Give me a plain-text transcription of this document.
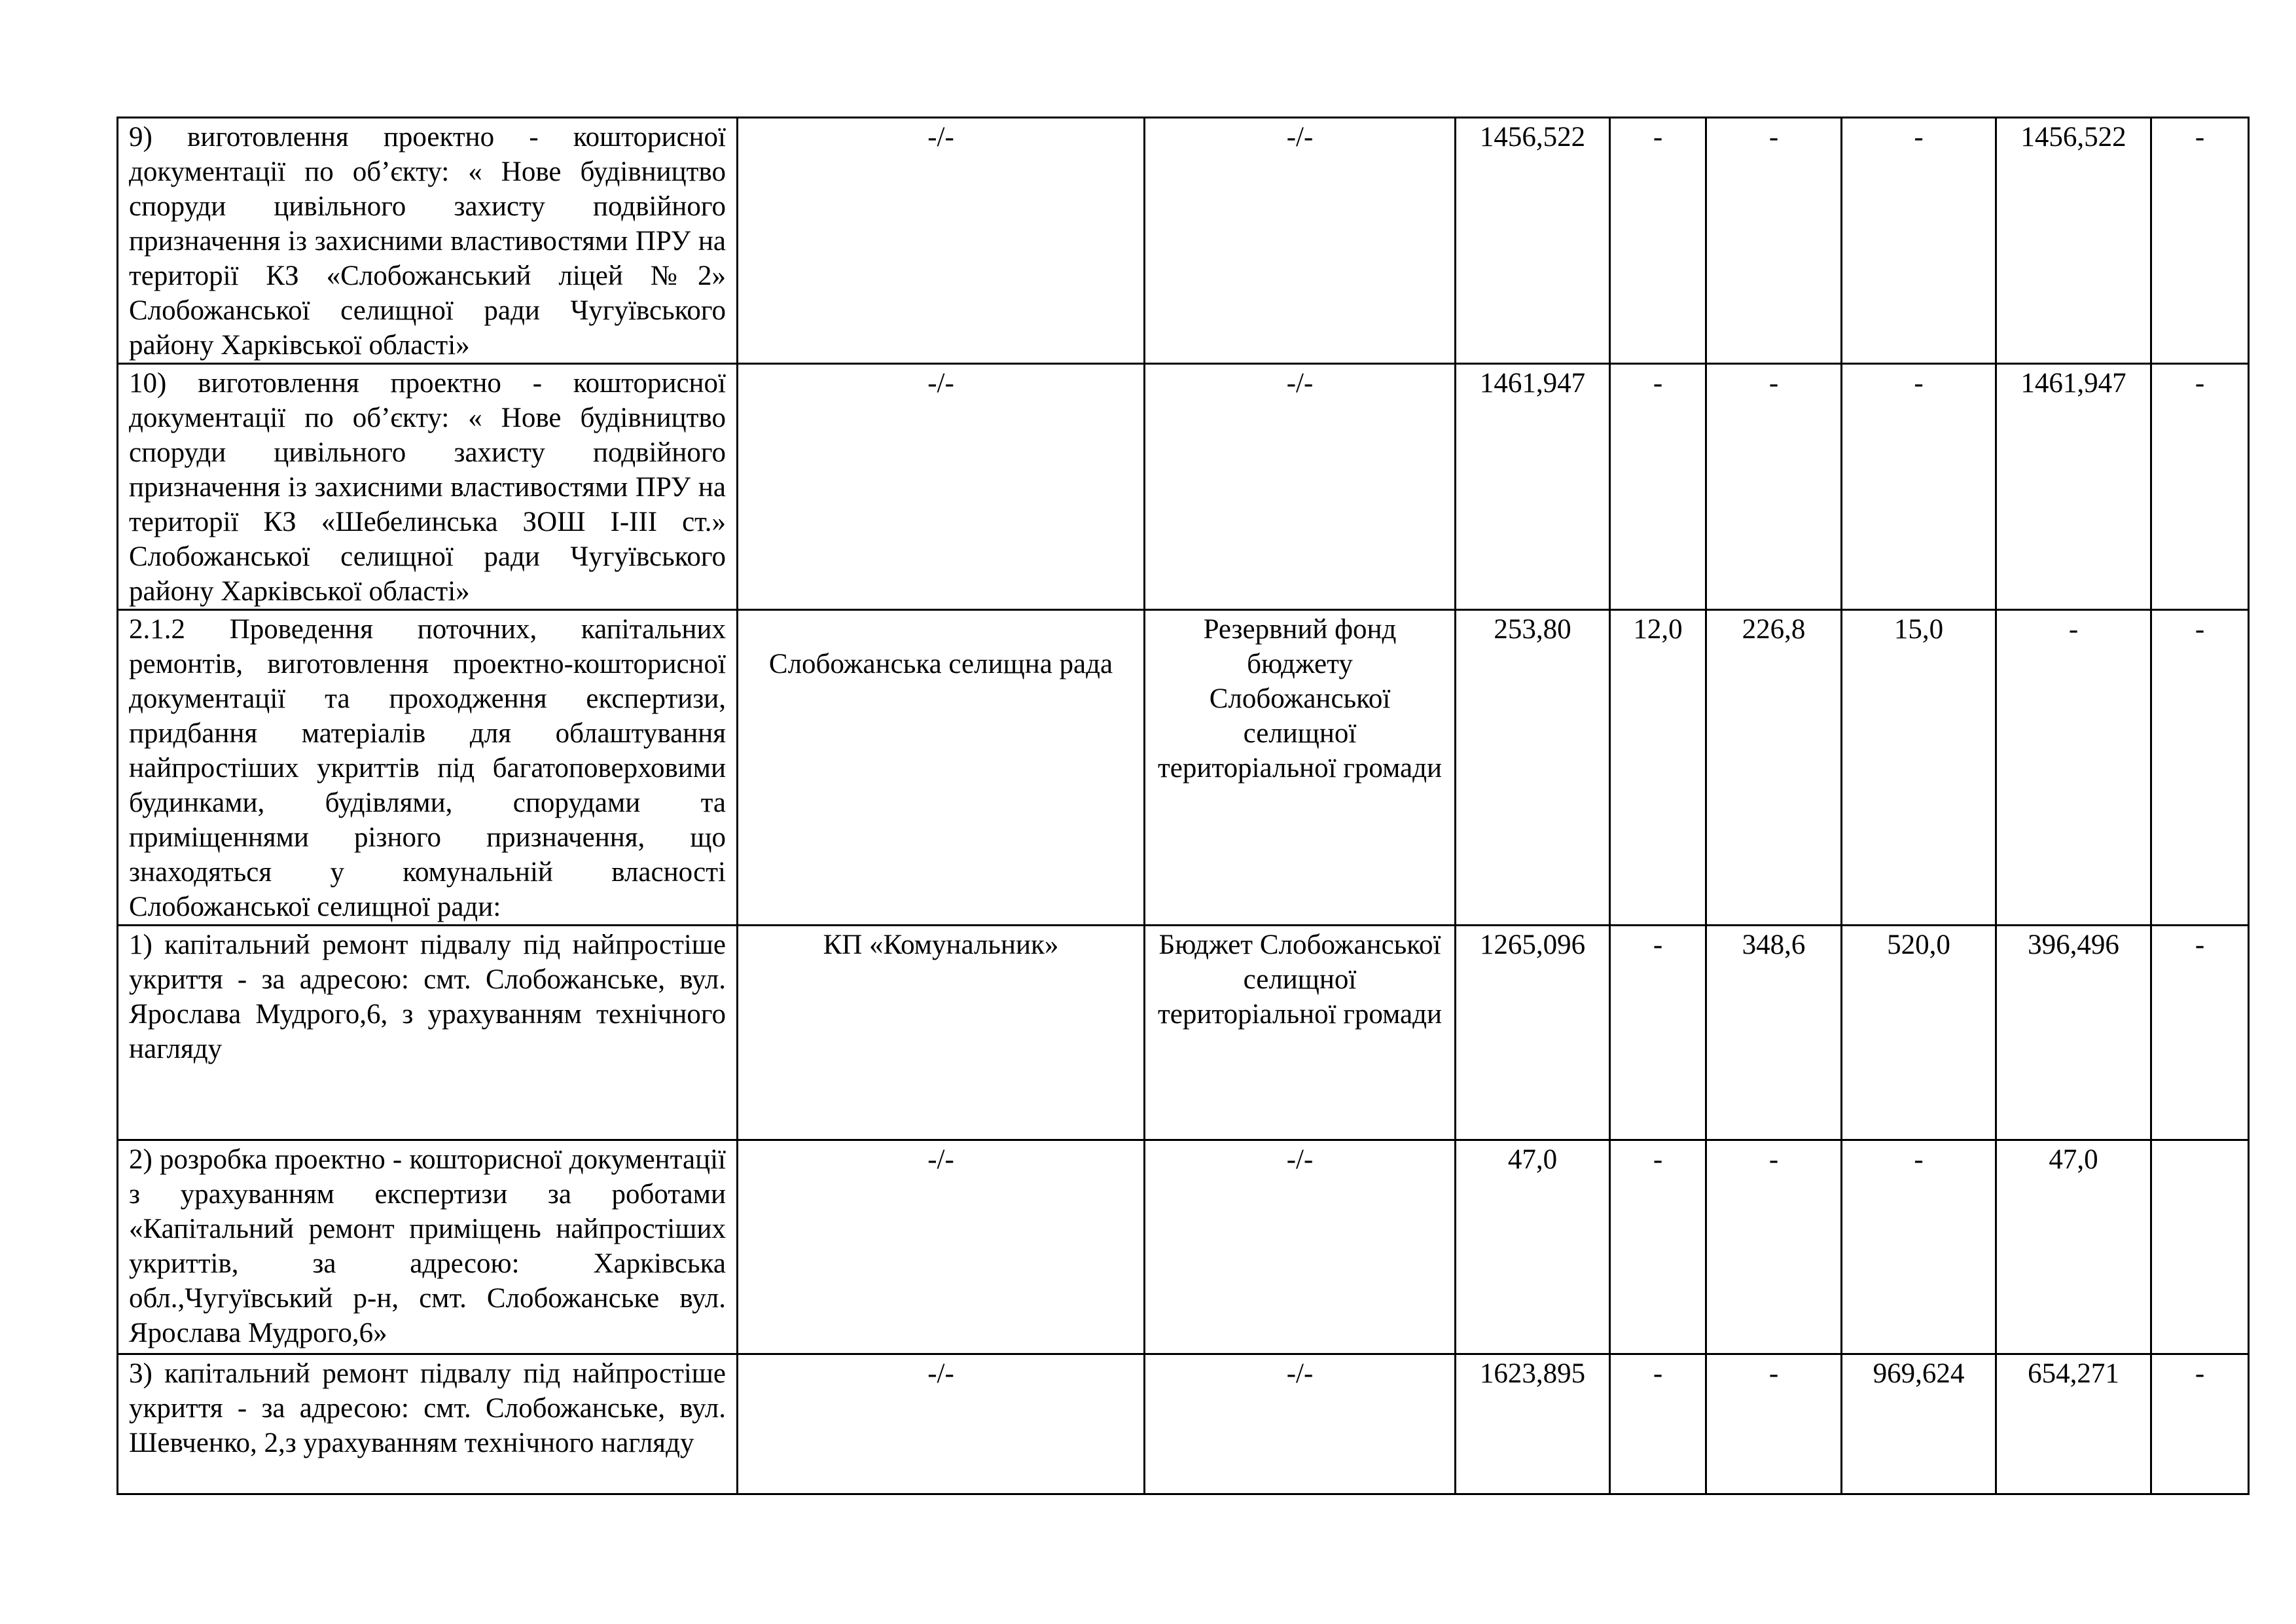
9) виготовлення проектно - кошторисної документації по об’єкту: « Нове будівництво споруди цивільного захисту подвійного призначення із захисними властивостями ПРУ на території КЗ «Слобожанський ліцей №2» Слобожанської селищної ради Чугуївського району Харківської області»	-/-	-/-	1456,522	-	-	-	1456,522	-
10) виготовлення проектно - кошторисної документації по об’єкту: « Нове будівництво споруди цивільного захисту подвійного призначення із захисними властивостями ПРУ на території КЗ «Шебелинська ЗОШ І-ІІІ ст.» Слобожанської селищної ради Чугуївського району Харківської області»	-/-	-/-	1461,947	-	-	-	1461,947	-
2.1.2 Проведення поточних, капітальних ремонтів, виготовлення проектно-кошторисної документації та проходження експертизи, придбання матеріалів для облаштування найпростіших укриттів під багатоповерховими будинками, будівлями, спорудами та приміщеннями різного призначення, що знаходяться у комунальній власності Слобожанської селищної ради:	Слобожанська селищна рада	Резервний фонд бюджету Слобожанської селищної територіальної громади	253,80	12,0	226,8	15,0	-	-
1) капітальний ремонт підвалу під найпростіше укриття - за адресою: смт. Слобожанське, вул. Ярослава Мудрого,6, з урахуванням технічного нагляду	КП «Комунальник»	Бюджет Слобожанської селищної територіальної громади	1265,096	-	348,6	520,0	396,496	-
2) розробка проектно - кошторисної документації з урахуванням експертизи за роботами «Капітальний ремонт приміщень найпростіших укриттів, за адресою: Харківська обл.,Чугуївський р-н, смт. Слобожанське вул. Ярослава Мудрого,6»	-/-	-/-	47,0	-	-	-	47,0	
3) капітальний ремонт підвалу під найпростіше укриття - за адресою: смт. Слобожанське, вул. Шевченко, 2,з урахуванням технічного нагляду	-/-	-/-	1623,895	-	-	969,624	654,271	-
